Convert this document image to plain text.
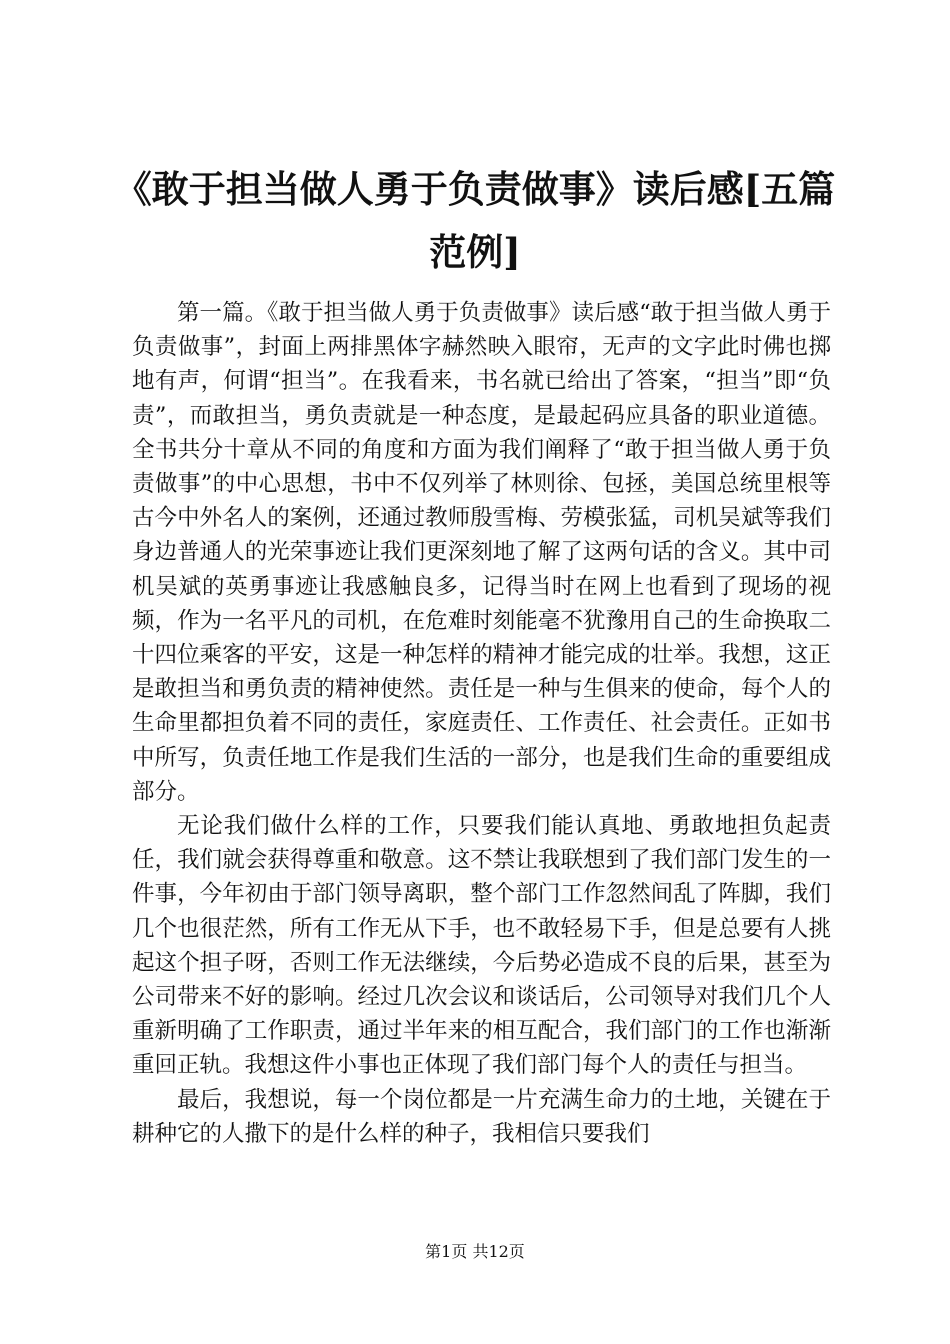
《敢于担当做人勇于负责做事》读后感[五篇范例]

第一篇。《敢于担当做人勇于负责做事》读后感“敢于担当做人勇于负责做事”，封面上两排黑体字赫然映入眼帘，无声的文字此时佛也掷地有声，何谓“担当”。在我看来，书名就已给出了答案，“担当”即“负责”，而敢担当，勇负责就是一种态度，是最起码应具备的职业道德。全书共分十章从不同的角度和方面为我们阐释了“敢于担当做人勇于负责做事”的中心思想，书中不仅列举了林则徐、包拯，美国总统里根等古今中外名人的案例，还通过教师殷雪梅、劳模张猛，司机吴斌等我们身边普通人的光荣事迹让我们更深刻地了解了这两句话的含义。其中司机吴斌的英勇事迹让我感触良多，记得当时在网上也看到了现场的视频，作为一名平凡的司机，在危难时刻能毫不犹豫用自己的生命换取二十四位乘客的平安，这是一种怎样的精神才能完成的壮举。我想，这正是敢担当和勇负责的精神使然。责任是一种与生俱来的使命，每个人的生命里都担负着不同的责任，家庭责任、工作责任、社会责任。正如书中所写，负责任地工作是我们生活的一部分，也是我们生命的重要组成部分。

无论我们做什么样的工作，只要我们能认真地、勇敢地担负起责任，我们就会获得尊重和敬意。这不禁让我联想到了我们部门发生的一件事，今年初由于部门领导离职，整个部门工作忽然间乱了阵脚，我们几个也很茫然，所有工作无从下手，也不敢轻易下手，但是总要有人挑起这个担子呀，否则工作无法继续，今后势必造成不良的后果，甚至为公司带来不好的影响。经过几次会议和谈话后，公司领导对我们几个人重新明确了工作职责，通过半年来的相互配合，我们部门的工作也渐渐重回正轨。我想这件小事也正体现了我们部门每个人的责任与担当。

最后，我想说，每一个岗位都是一片充满生命力的土地，关键在于耕种它的人撒下的是什么样的种子，我相信只要我们

第1页 共12页
